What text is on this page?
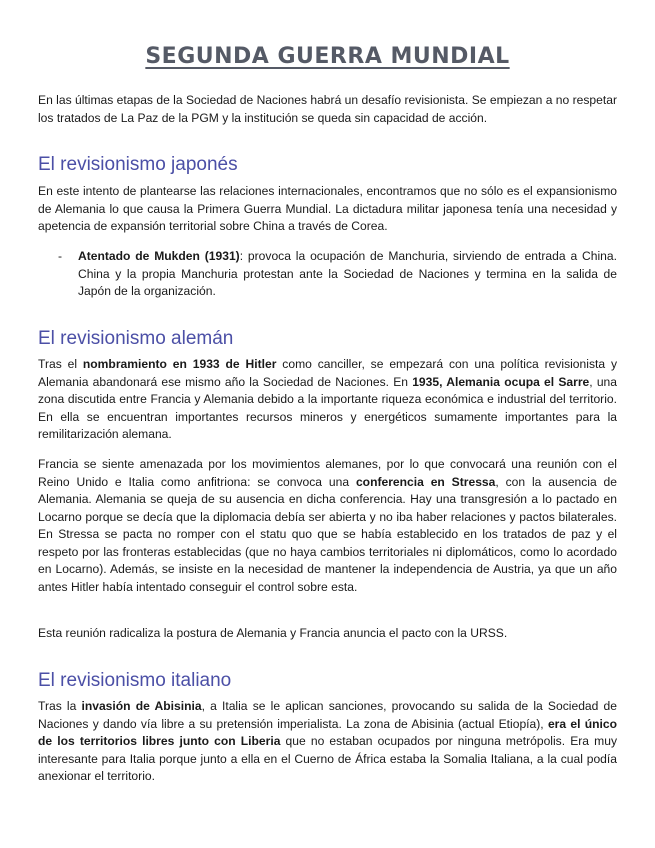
SEGUNDA GUERRA MUNDIAL

En las últimas etapas de la Sociedad de Naciones habrá un desafío revisionista. Se empiezan a no respetar los tratados de La Paz de la PGM y la institución se queda sin capacidad de acción.

El revisionismo japonés

En este intento de plantearse las relaciones internacionales, encontramos que no sólo es el expansionismo de Alemania lo que causa la Primera Guerra Mundial. La dictadura militar japonesa tenía una necesidad y apetencia de expansión territorial sobre China a través de Corea.

- Atentado de Mukden (1931): provoca la ocupación de Manchuria, sirviendo de entrada a China. China y la propia Manchuria protestan ante la Sociedad de Naciones y termina en la salida de Japón de la organización.
El revisionismo alemán

Tras el nombramiento en 1933 de Hitler como canciller, se empezará con una política revisionista y Alemania abandonará ese mismo año la Sociedad de Naciones. En 1935, Alemania ocupa el Sarre, una zona discutida entre Francia y Alemania debido a la importante riqueza económica e industrial del territorio. En ella se encuentran importantes recursos mineros y energéticos sumamente importantes para la remilitarización alemana.

Francia se siente amenazada por los movimientos alemanes, por lo que convocará una reunión con el Reino Unido e Italia como anfitriona: se convoca una conferencia en Stressa, con la ausencia de Alemania. Alemania se queja de su ausencia en dicha conferencia. Hay una transgresión a lo pactado en Locarno porque se decía que la diplomacia debía ser abierta y no iba haber relaciones y pactos bilaterales. En Stressa se pacta no romper con el statu quo que se había establecido en los tratados de paz y el respeto por las fronteras establecidas (que no haya cambios territoriales ni diplomáticos, como lo acordado en Locarno). Además, se insiste en la necesidad de mantener la independencia de Austria, ya que un año antes Hitler había intentado conseguir el control sobre esta.

Esta reunión radicaliza la postura de Alemania y Francia anuncia el pacto con la URSS.

El revisionismo italiano

Tras la invasión de Abisinia, a Italia se le aplican sanciones, provocando su salida de la Sociedad de Naciones y dando vía libre a su pretensión imperialista. La zona de Abisinia (actual Etiopía), era el único de los territorios libres junto con Liberia que no estaban ocupados por ninguna metrópolis. Era muy interesante para Italia porque junto a ella en el Cuerno de África estaba la Somalia Italiana, a la cual podía anexionar el territorio.
